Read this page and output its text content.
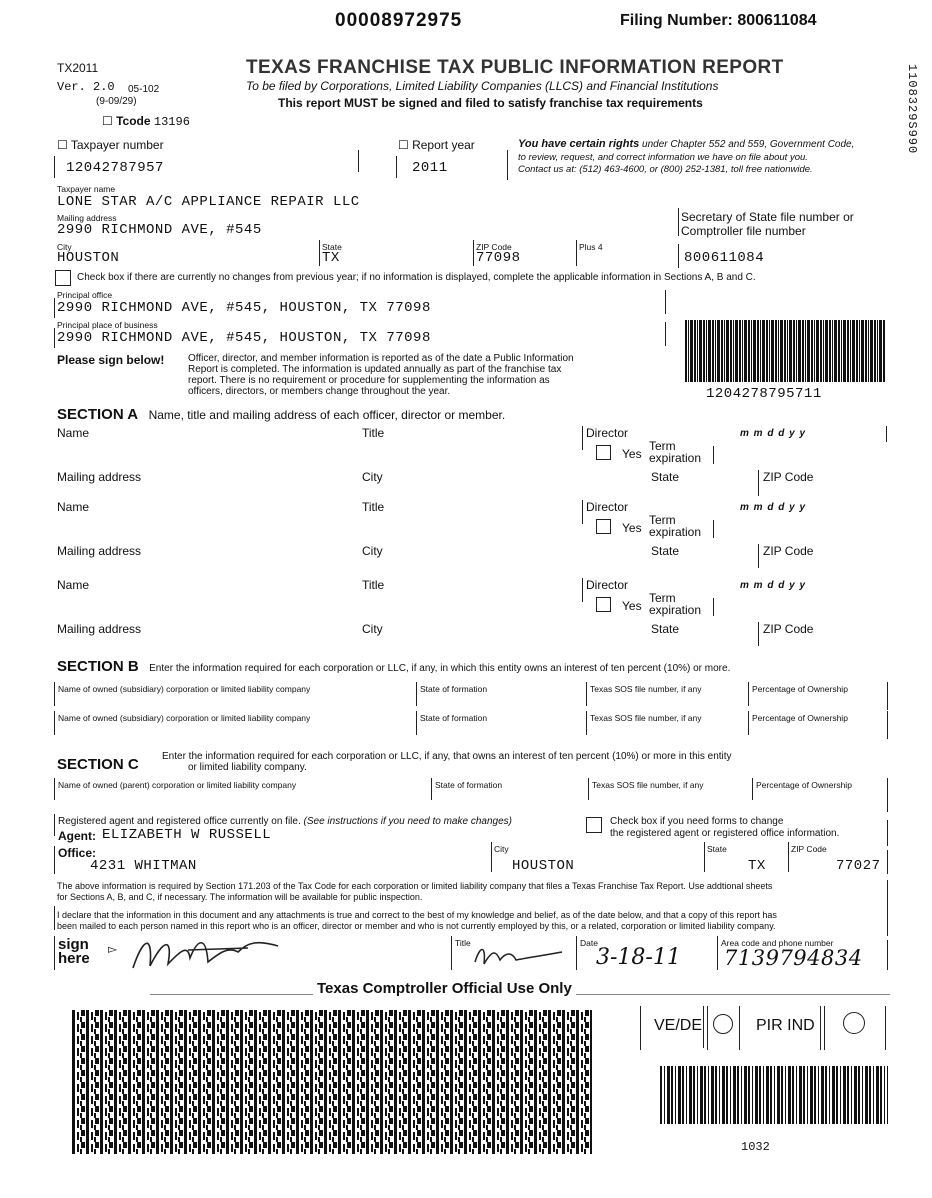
00008972975	Filing Number: 800611084
1108329S990
TX2011
Ver. 2.0 05-102
(9-09/29)
☐ Tcode 13196
TEXAS FRANCHISE TAX PUBLIC INFORMATION REPORT
To be filed by Corporations, Limited Liability Companies (LLCS) and Financial Institutions
This report MUST be signed and filed to satisfy franchise tax requirements
☐ Taxpayer number
12042787957
☐ Report year
2011
You have certain rights under Chapter 552 and 559, Government Code,
to review, request, and correct information we have on file about you.
Contact us at: (512) 463-4600, or (800) 252-1381, toll free nationwide.
Taxpayer name
LONE STAR A/C APPLIANCE REPAIR LLC
Mailing address
2990 RICHMOND AVE, #545
Secretary of State file number or
Comptroller file number
City
HOUSTON
State
TX
ZIP Code
77098
Plus 4
800611084
Check box if there are currently no changes from previous year; if no information is displayed, complete the applicable information in Sections A, B and C.
Principal office
2990 RICHMOND AVE, #545, HOUSTON, TX 77098
Principal place of business
2990 RICHMOND AVE, #545, HOUSTON, TX 77098
Please sign below! Officer, director, and member information is reported as of the date a Public Information
Report is completed. The information is updated annually as part of the franchise tax
report. There is no requirement or procedure for supplementing the information as
officers, directors, or members change throughout the year.	1204278795711
SECTION A Name, title and mailing address of each officer, director or member.
Name	Title	Director
Yes
Term
expiration
m m d d y y
Mailing address	City	State	ZIP Code
Name	Title	Director
Yes
Term
expiration
m m d d y y
Mailing address	City	State	ZIP Code
Name	Title	Director
Yes
Term
expiration
m m d d y y
Mailing address	City	State	ZIP Code
SECTION B Enter the information required for each corporation or LLC, if any, in which this entity owns an interest of ten percent (10%) or more.
Name of owned (subsidiary) corporation or limited liability company	State of formation	Texas SOS file number, if any	Percentage of Ownership
Name of owned (subsidiary) corporation or limited liability company	State of formation	Texas SOS file number, if any	Percentage of Ownership
SECTION C Enter the information required for each corporation or LLC, if any, that owns an interest of ten percent (10%) or more in this entity
or limited liability company.
Name of owned (parent) corporation or limited liability company	State of formation	Texas SOS file number, if any	Percentage of Ownership
Registered agent and registered office currently on file. (See instructions if you need to make changes)
Agent: ELIZABETH W RUSSELL
Check box if you need forms to change
the registered agent or registered office information.
Office:
4231 WHITMAN
City
HOUSTON
State
TX
ZIP Code
77027
The above information is required by Section 171.203 of the Tax Code for each corporation or limited liability company that files a Texas Franchise Tax Report. Use addtional sheets
for Sections A, B, and C, if necessary. The information will be available for public inspection.
I declare that the information in this document and any attachments is true and correct to the best of my knowledge and belief, as of the date below, and that a copy of this report has
been mailed to each person named in this report who is an officer, director or member and who is not currently employed by this, or a related, corporation or limited liability company.
sign
here
▻	Title	Date
3-18-11
Area code and phone number
7139794834
Texas Comptroller Official Use Only
VE/DE	PIR IND
1032
